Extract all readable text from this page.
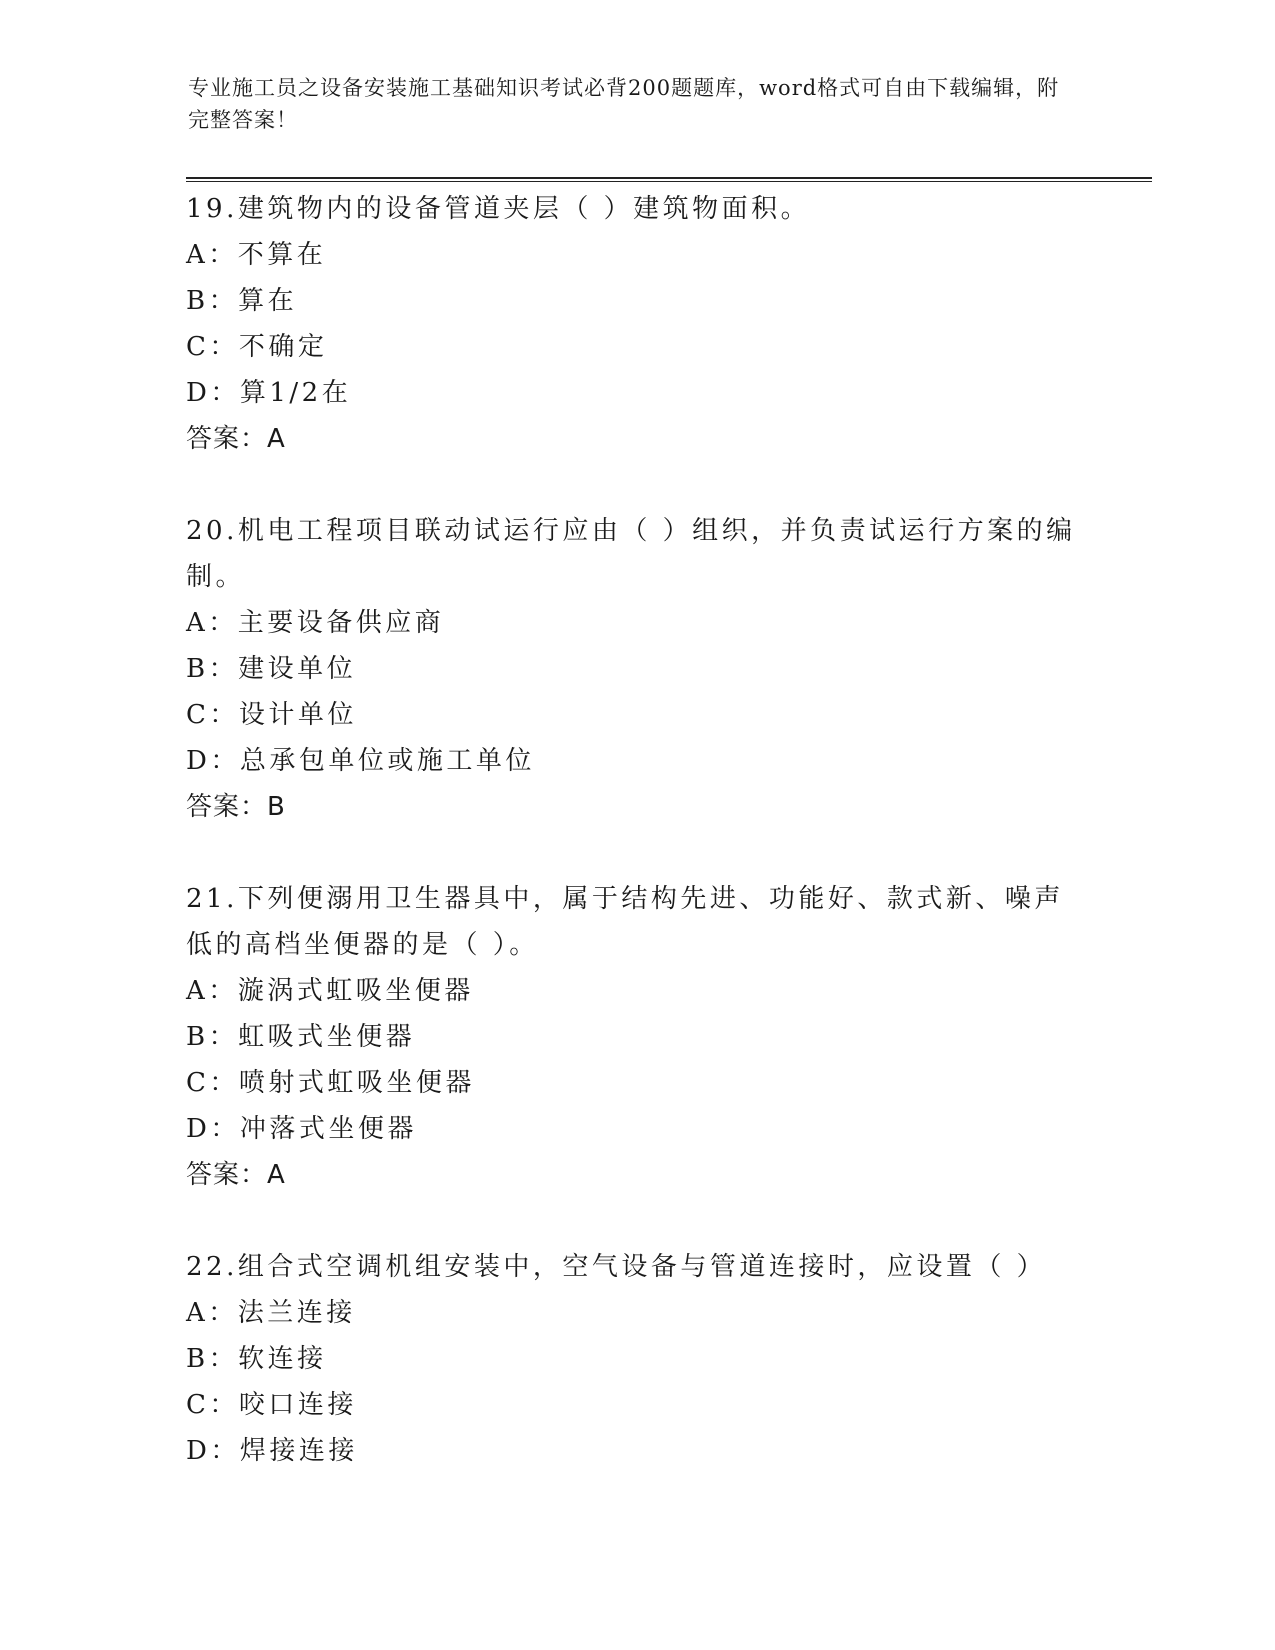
专业施工员之设备安装施工基础知识考试必背200题题库，word格式可自由下载编辑，附完整答案！
19.建筑物内的设备管道夹层（ ）建筑物面积。
A：不算在
B：算在
C：不确定
D：算1/2在
答案：A
20.机电工程项目联动试运行应由（ ）组织，并负责试运行方案的编制。
A：主要设备供应商
B：建设单位
C：设计单位
D：总承包单位或施工单位
答案：B
21.下列便溺用卫生器具中，属于结构先进、功能好、款式新、噪声低的高档坐便器的是（ ）。
A：漩涡式虹吸坐便器
B：虹吸式坐便器
C：喷射式虹吸坐便器
D：冲落式坐便器
答案：A
22.组合式空调机组安装中，空气设备与管道连接时，应设置（ ）
A：法兰连接
B：软连接
C：咬口连接
D：焊接连接
